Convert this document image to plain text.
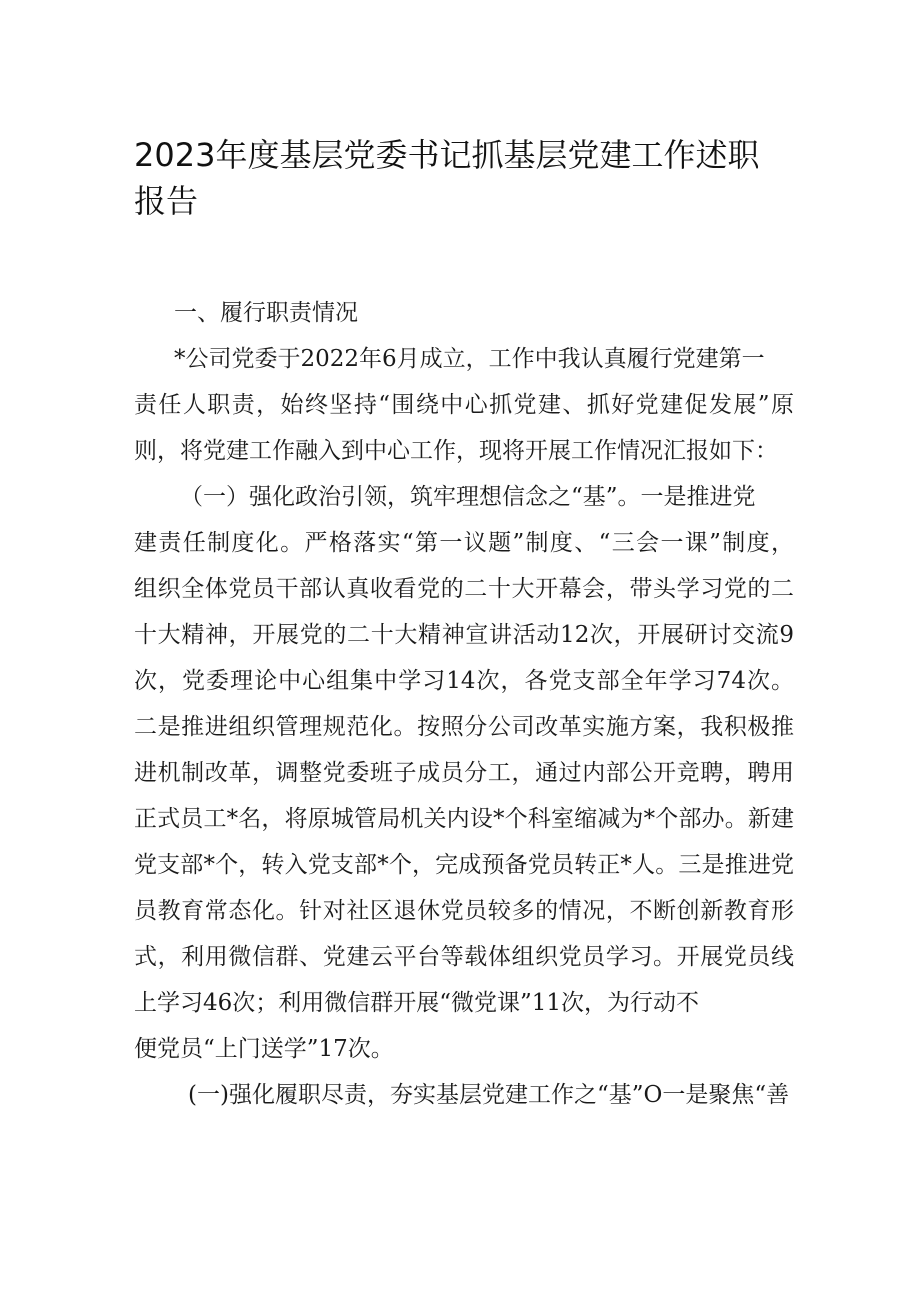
2023年度基层党委书记抓基层党建工作述职
报告
一、履行职责情况
*公司党委于2022年6月成立，工作中我认真履行党建第一
责任人职责，始终坚持“围绕中心抓党建、抓好党建促发展”原
则，将党建工作融入到中心工作，现将开展工作情况汇报如下：
（一）强化政治引领，筑牢理想信念之“基”。一是推进党
建责任制度化。严格落实“第一议题”制度、“三会一课”制度，
组织全体党员干部认真收看党的二十大开幕会，带头学习党的二
十大精神，开展党的二十大精神宣讲活动12次，开展研讨交流9
次，党委理论中心组集中学习14次，各党支部全年学习74次。
二是推进组织管理规范化。按照分公司改革实施方案，我积极推
进机制改革，调整党委班子成员分工，通过内部公开竞聘，聘用
正式员工*名，将原城管局机关内设*个科室缩减为*个部办。新建
党支部*个，转入党支部*个，完成预备党员转正*人。三是推进党
员教育常态化。针对社区退休党员较多的情况，不断创新教育形
式，利用微信群、党建云平台等载体组织党员学习。开展党员线
上学习46次；利用微信群开展“微党课”11次，为行动不
便党员“上门送学”17次。
(一)强化履职尽责，夯实基层党建工作之“基”O一是聚焦“善
